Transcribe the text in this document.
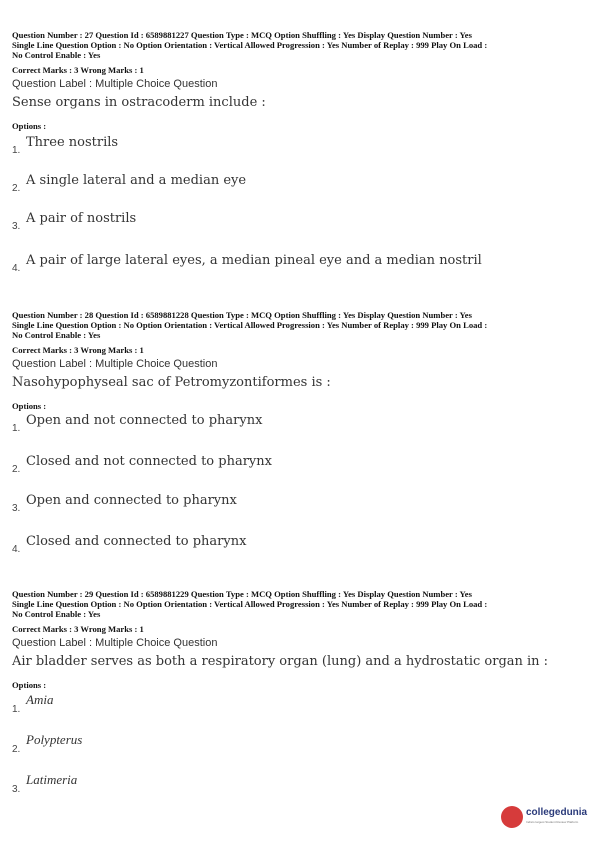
Question Number : 27 Question Id : 6589881227 Question Type : MCQ Option Shuffling : Yes Display Question Number : Yes
Single Line Question Option : No Option Orientation : Vertical Allowed Progression : Yes Number of Replay : 999 Play On Load :
No Control Enable : Yes
Correct Marks : 3 Wrong Marks : 1
Question Label : Multiple Choice Question
Sense organs in ostracoderm include :
Options :
1.
Three nostrils
2.
A single lateral and a median eye
3.
A pair of nostrils
4.
A pair of large lateral eyes, a median pineal eye and a median nostril
Question Number : 28 Question Id : 6589881228 Question Type : MCQ Option Shuffling : Yes Display Question Number : Yes
Single Line Question Option : No Option Orientation : Vertical Allowed Progression : Yes Number of Replay : 999 Play On Load :
No Control Enable : Yes
Correct Marks : 3 Wrong Marks : 1
Question Label : Multiple Choice Question
Nasohypophyseal sac of Petromyzontiformes is :
Options :
1.
Open and not connected to pharynx
2.
Closed and not connected to pharynx
3.
Open and connected to pharynx
4.
Closed and connected to pharynx
Question Number : 29 Question Id : 6589881229 Question Type : MCQ Option Shuffling : Yes Display Question Number : Yes
Single Line Question Option : No Option Orientation : Vertical Allowed Progression : Yes Number of Replay : 999 Play On Load :
No Control Enable : Yes
Correct Marks : 3 Wrong Marks : 1
Question Label : Multiple Choice Question
Air bladder serves as both a respiratory organ (lung) and a hydrostatic organ in :
Options :
1.
Amia
2.
Polypterus
3.
Latimeria
collegedunia
India's largest Student Review Platform
